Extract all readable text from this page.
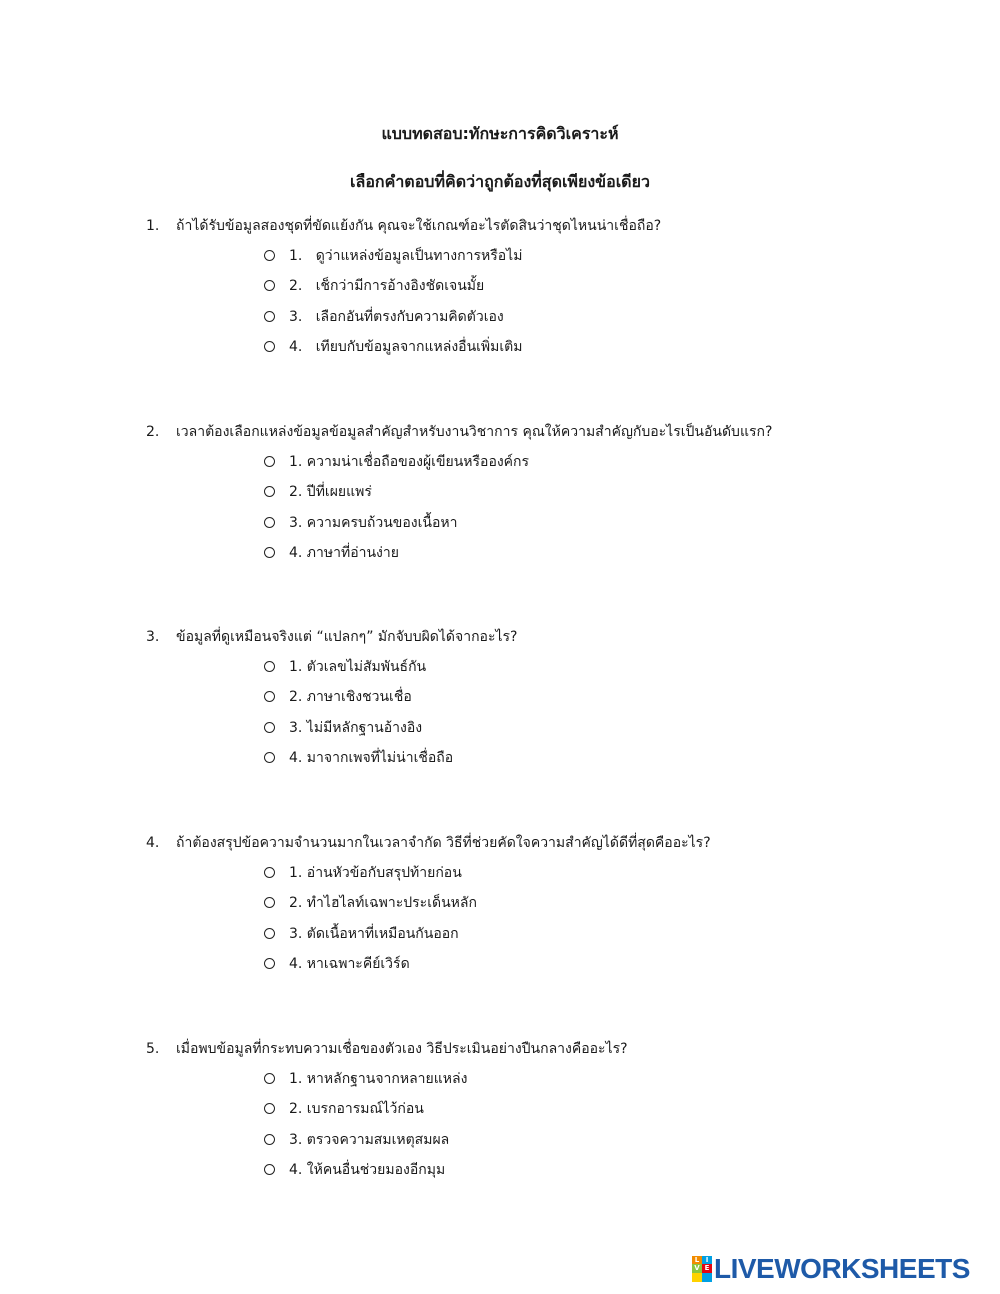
แบบทดสอบ:ทักษะการคิดวิเคราะห์
เลือกคำตอบที่คิดว่าถูกต้องที่สุดเพียงข้อเดียว
1. ถ้าได้รับข้อมูลสองชุดที่ขัดแย้งกัน คุณจะใช้เกณฑ์อะไรตัดสินว่าชุดไหนน่าเชื่อถือ?
1.   ดูว่าแหล่งข้อมูลเป็นทางการหรือไม่
2.   เช็กว่ามีการอ้างอิงชัดเจนมั้ย
3.   เลือกอันที่ตรงกับความคิดตัวเอง
4.   เทียบกับข้อมูลจากแหล่งอื่นเพิ่มเติม
2. เวลาต้องเลือกแหล่งข้อมูลข้อมูลสำคัญสำหรับงานวิชาการ คุณให้ความสำคัญกับอะไรเป็นอันดับแรก?
1. ความน่าเชื่อถือของผู้เขียนหรือองค์กร
2. ปีที่เผยแพร่
3. ความครบถ้วนของเนื้อหา
4. ภาษาที่อ่านง่าย
3. ข้อมูลที่ดูเหมือนจริงแต่ “แปลกๆ” มักจับบผิดได้จากอะไร?
1. ตัวเลขไม่สัมพันธ์กัน
2. ภาษาเชิงชวนเชื่อ
3. ไม่มีหลักฐานอ้างอิง
4. มาจากเพจที่ไม่น่าเชื่อถือ
4. ถ้าต้องสรุปข้อความจำนวนมากในเวลาจำกัด วิธีที่ช่วยคัดใจความสำคัญได้ดีที่สุดคืออะไร?
1. อ่านหัวข้อกับสรุปท้ายก่อน
2. ทำไฮไลท์เฉพาะประเด็นหลัก
3. ตัดเนื้อหาที่เหมือนกันออก
4. หาเฉพาะคีย์เวิร์ด
5. เมื่อพบข้อมูลที่กระทบความเชื่อของตัวเอง วิธีประเมินอย่างปืนกลางคืออะไร?
1. หาหลักฐานจากหลายแหล่ง
2. เบรกอารมณ์ไว้ก่อน
3. ตรวจความสมเหตุสมผล
4. ให้คนอื่นช่วยมองอีกมุม
L I
V E LIVEWORKSHEETS
